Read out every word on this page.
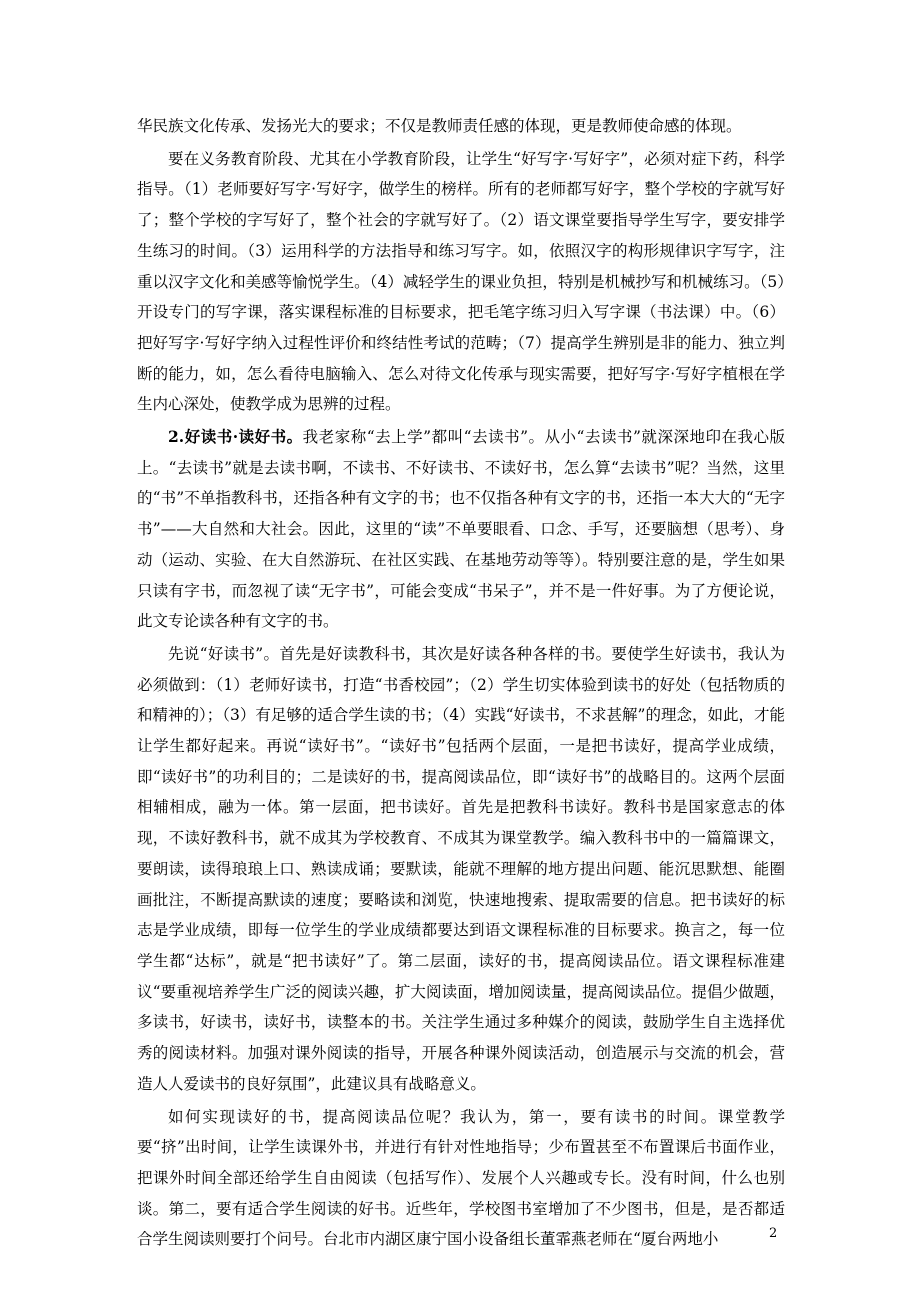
华民族文化传承、发扬光大的要求；不仅是教师责任感的体现，更是教师使命感的体现。

要在义务教育阶段、尤其在小学教育阶段，让学生“好写字·写好字”，必须对症下药，科学指导。（1）老师要好写字·写好字，做学生的榜样。所有的老师都写好字，整个学校的字就写好了；整个学校的字写好了，整个社会的字就写好了。（2）语文课堂要指导学生写字，要安排学生练习的时间。（3）运用科学的方法指导和练习写字。如，依照汉字的构形规律识字写字，注重以汉字文化和美感等愉悦学生。（4）减轻学生的课业负担，特别是机械抄写和机械练习。（5）开设专门的写字课，落实课程标准的目标要求，把毛笔字练习归入写字课（书法课）中。（6）把好写字·写好字纳入过程性评价和终结性考试的范畴；（7）提高学生辨别是非的能力、独立判断的能力，如，怎么看待电脑输入、怎么对待文化传承与现实需要，把好写字·写好字植根在学生内心深处，使教学成为思辨的过程。

2.好读书·读好书。我老家称“去上学”都叫“去读书”。从小“去读书”就深深地印在我心版上。“去读书”就是去读书啊，不读书、不好读书、不读好书，怎么算“去读书”呢？当然，这里的“书”不单指教科书，还指各种有文字的书；也不仅指各种有文字的书，还指一本大大的“无字书”——大自然和大社会。因此，这里的“读”不单要眼看、口念、手写，还要脑想（思考）、身动（运动、实验、在大自然游玩、在社区实践、在基地劳动等等）。特别要注意的是，学生如果只读有字书，而忽视了读“无字书”，可能会变成“书呆子”，并不是一件好事。为了方便论说，此文专论读各种有文字的书。

先说“好读书”。首先是好读教科书，其次是好读各种各样的书。要使学生好读书，我认为必须做到：（1）老师好读书，打造“书香校园”；（2）学生切实体验到读书的好处（包括物质的和精神的）；（3）有足够的适合学生读的书；（4）实践“好读书，不求甚解”的理念，如此，才能让学生都好起来。再说“读好书”。“读好书”包括两个层面，一是把书读好，提高学业成绩，即“读好书”的功利目的；二是读好的书，提高阅读品位，即“读好书”的战略目的。这两个层面相辅相成，融为一体。第一层面，把书读好。首先是把教科书读好。教科书是国家意志的体现，不读好教科书，就不成其为学校教育、不成其为课堂教学。编入教科书中的一篇篇课文，要朗读，读得琅琅上口、熟读成诵；要默读，能就不理解的地方提出问题、能沉思默想、能圈画批注，不断提高默读的速度；要略读和浏览，快速地搜索、提取需要的信息。把书读好的标志是学业成绩，即每一位学生的学业成绩都要达到语文课程标准的目标要求。换言之，每一位学生都“达标”，就是“把书读好”了。第二层面，读好的书，提高阅读品位。语文课程标准建议“要重视培养学生广泛的阅读兴趣，扩大阅读面，增加阅读量，提高阅读品位。提倡少做题，多读书，好读书，读好书，读整本的书。关注学生通过多种媒介的阅读，鼓励学生自主选择优秀的阅读材料。加强对课外阅读的指导，开展各种课外阅读活动，创造展示与交流的机会，营造人人爱读书的良好氛围”，此建议具有战略意义。

如何实现读好的书，提高阅读品位呢？我认为，第一，要有读书的时间。课堂教学要“挤”出时间，让学生读课外书，并进行有针对性地指导；少布置甚至不布置课后书面作业，把课外时间全部还给学生自由阅读（包括写作）、发展个人兴趣或专长。没有时间，什么也别谈。第二，要有适合学生阅读的好书。近些年，学校图书室增加了不少图书，但是，是否都适合学生阅读则要打个问号。台北市内湖区康宁国小设备组长董霏燕老师在“厦台两地小	2
